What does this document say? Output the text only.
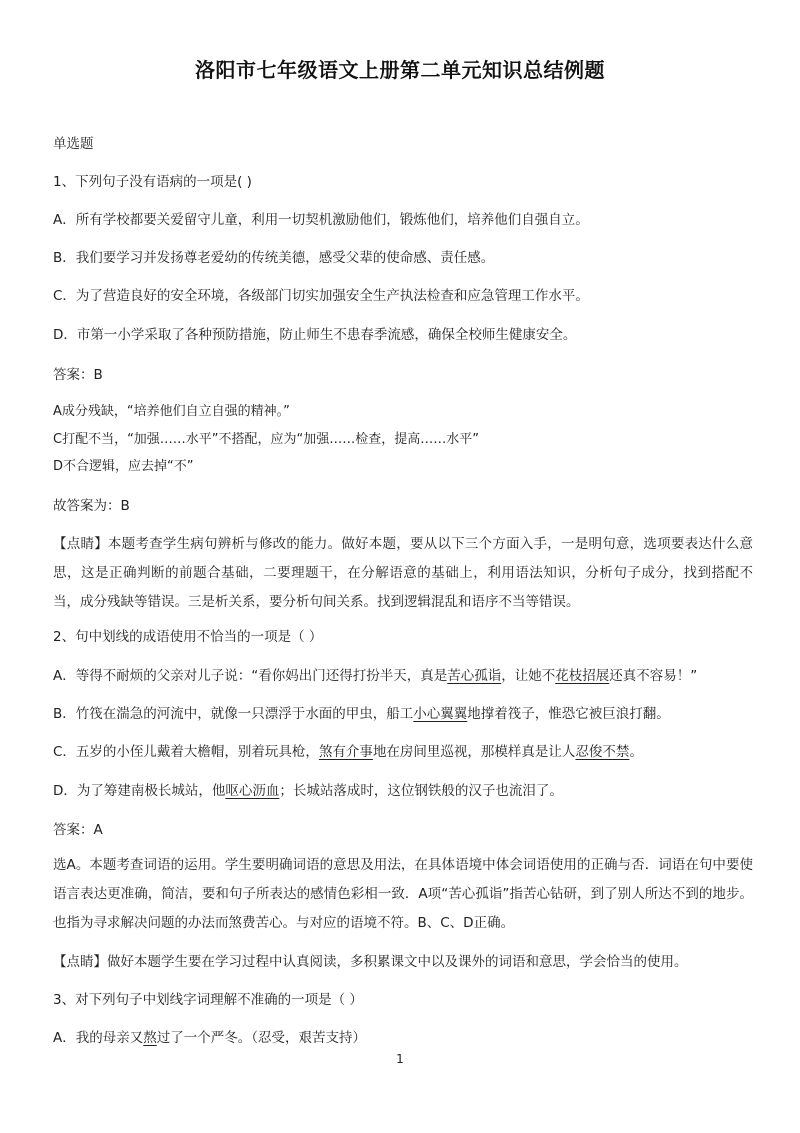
洛阳市七年级语文上册第二单元知识总结例题
单选题
1、下列句子没有语病的一项是( )
A．所有学校都要关爱留守儿童，利用一切契机激励他们，锻炼他们，培养他们自强自立。
B．我们要学习并发扬尊老爱幼的传统美德，感受父辈的使命感、责任感。
C．为了营造良好的安全环境，各级部门切实加强安全生产执法检查和应急管理工作水平。
D．市第一小学采取了各种预防措施，防止师生不患春季流感，确保全校师生健康安全。
答案：B
A成分残缺，“培养他们自立自强的精神。”
C打配不当，“加强……水平”不搭配，应为“加强……检查，提高……水平”
D不合逻辑，应去掉“不”
故答案为：B
【点睛】本题考查学生病句辨析与修改的能力。做好本题，要从以下三个方面入手，一是明句意，选项要表达什么意思，这是正确判断的前题合基础，二要理题干，在分解语意的基础上，利用语法知识，分析句子成分，找到搭配不当，成分残缺等错误。三是析关系，要分析句间关系。找到逻辑混乱和语序不当等错误。
2、句中划线的成语使用不恰当的一项是（ ）
A．等得不耐烦的父亲对儿子说：“看你妈出门还得打扮半天，真是苦心孤诣，让她不花枝招展还真不容易！”
B．竹筏在湍急的河流中，就像一只漂浮于水面的甲虫，船工小心翼翼地撑着筏子，惟恐它被巨浪打翻。
C．五岁的小侄儿戴着大檐帽，别着玩具枪，煞有介事地在房间里巡视，那模样真是让人忍俊不禁。
D．为了筹建南极长城站，他呕心沥血；长城站落成时，这位钢铁般的汉子也流泪了。
答案：A
选A。本题考查词语的运用。学生要明确词语的意思及用法，在具体语境中体会词语使用的正确与否．词语在句中要使语言表达更准确，简洁，要和句子所表达的感情色彩相一致．A项“苦心孤诣”指苦心钻研，到了别人所达不到的地步。也指为寻求解决问题的办法而煞费苦心。与对应的语境不符。B、C、D正确。
【点睛】做好本题学生要在学习过程中认真阅读，多积累课文中以及课外的词语和意思，学会恰当的使用。
3、对下列句子中划线字词理解不准确的一项是（ ）
A．我的母亲又熬过了一个严冬。（忍受，艰苦支持）
1
